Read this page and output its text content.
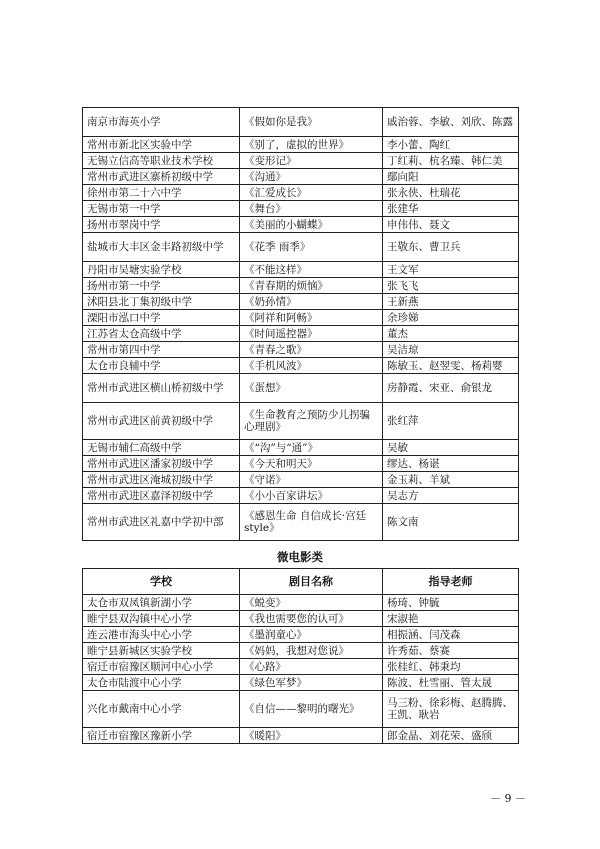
南京市海英小学	《假如你是我》	戚治蓉、李敏、刘欣、陈露
常州市新北区实验中学	《别了，虚拟的世界》	李小蕾、陶红
无锡立信高等职业技术学校	《变形记》	丁红莉、杭名臻、韩仁美
常州市武进区寨桥初级中学	《沟通》	鄢向阳
徐州市第二十六中学	《汇爱成长》	张永侠、杜瑞花
无锡市第一中学	《舞台》	张建华
扬州市翠岗中学	《美丽的小蝴蝶》	申伟伟、聂文
盐城市大丰区金丰路初级中学	《花季 雨季》	王敬东、曹卫兵
丹阳市吴塘实验学校	《不能这样》	王文军
扬州市第一中学	《青春期的烦恼》	张飞飞
沭阳县北丁集初级中学	《奶孙情》	王新燕
溧阳市泓口中学	《阿祥和阿畅》	余珍娣
江苏省太仓高级中学	《时间遥控器》	董杰
常州市第四中学	《青春之歌》	吴洁琼
太仓市良辅中学	《手机风波》	陈敏玉、赵翌雯、杨莉婴
常州市武进区横山桥初级中学	《蛋想》	房静霞、宋亚、俞银龙
常州市武进区前黄初级中学	《生命教育之预防少儿拐骗心理剧》	张红萍
无锡市辅仁高级中学	《“沟”与“通”》	吴敏
常州市武进区潘家初级中学	《今天和明天》	缪达、杨谌
常州市武进区淹城初级中学	《守诺》	金玉莉、羊斌
常州市武进区嘉泽初级中学	《小小百家讲坛》	吴志方
常州市武进区礼嘉中学初中部	《感恩生命 自信成长·宫廷 style》	陈文南
微电影类
学校	剧目名称	指导老师
太仓市双凤镇新湖小学	《蜕变》	杨琦、钟毓
睢宁县双沟镇中心小学	《我也需要您的认可》	宋淑艳
连云港市海头中心小学	《墨润童心》	相振涵、闫茂森
睢宁县新城区实验学校	《妈妈，我想对您说》	许秀茹、蔡赛
宿迁市宿豫区顺河中心小学	《心路》	张桂红、韩秉均
太仓市陆渡中心小学	《绿色军梦》	陈波、杜雪丽、管太晟
兴化市戴南中心小学	《自信——黎明的曙光》	马三粉、徐彩梅、赵腾腾、王凯、耿岩
宿迁市宿豫区豫新小学	《暖阳》	郎金晶、刘花荣、盛颀
－ 9 －
